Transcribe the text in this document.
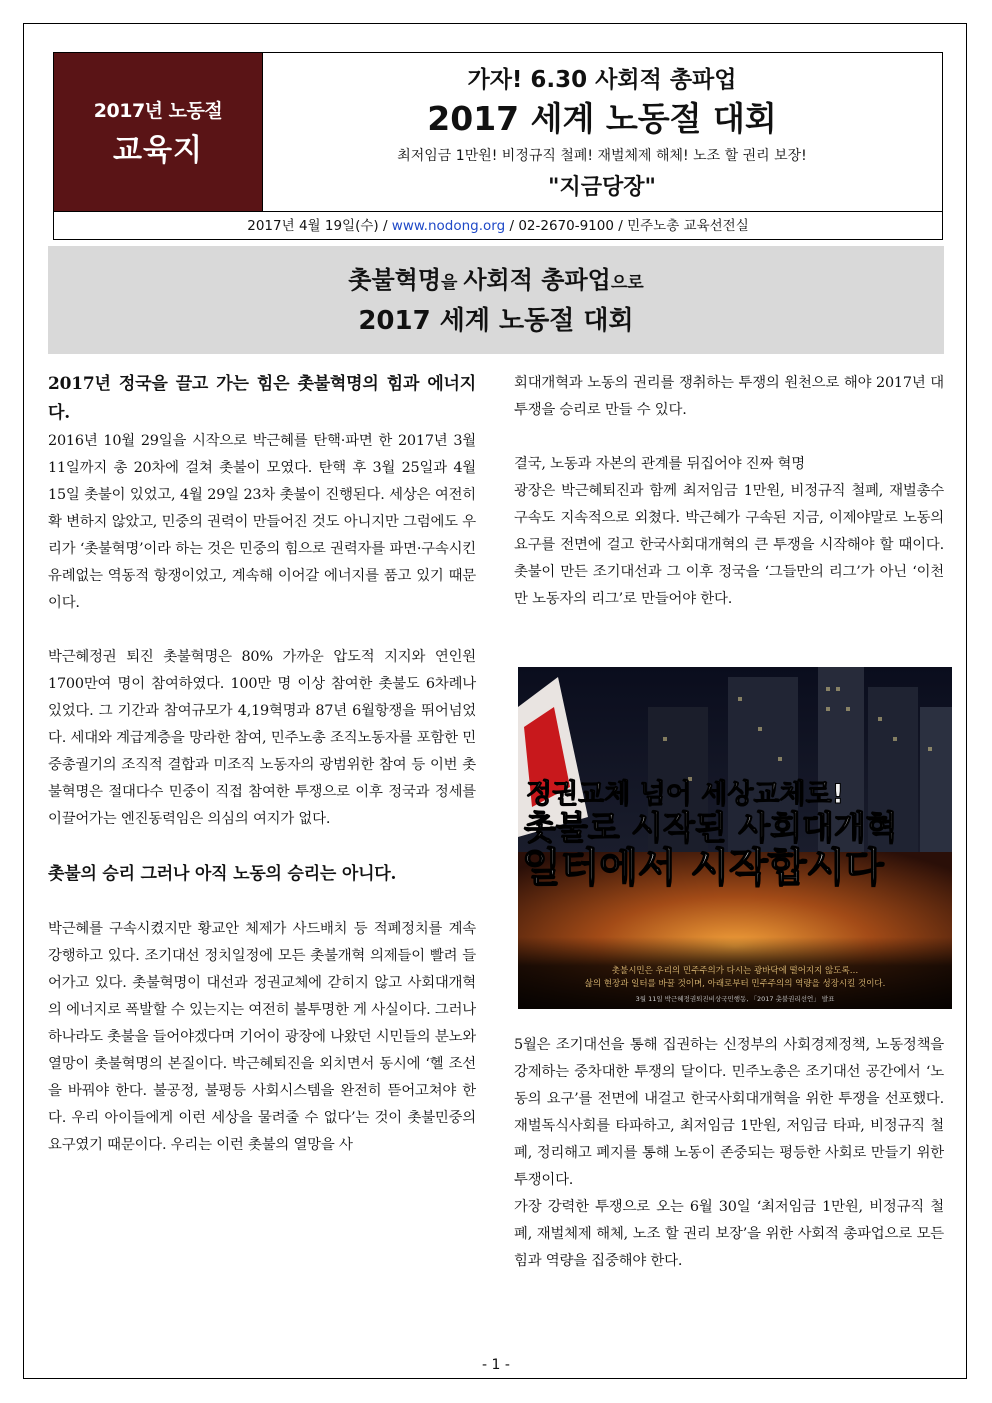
2017년 노동절
교육지
가자! 6.30 사회적 총파업
2017 세계 노동절 대회
최저임금 1만원! 비정규직 철폐! 재벌체제 해체! 노조 할 권리 보장!
"지금당장"
2017년 4월 19일(수) / www.nodong.org / 02-2670-9100 / 민주노총 교육선전실
촛불혁명을 사회적 총파업으로
2017 세계 노동절 대회

2017년 정국을 끌고 가는 힘은 촛불혁명의 힘과 에너지다.

2016년 10월 29일을 시작으로 박근혜를 탄핵·파면 한 2017년 3월 11일까지 총 20차에 걸쳐 촛불이 모였다. 탄핵 후 3월 25일과 4월 15일 촛불이 있었고, 4월 29일 23차 촛불이 진행된다. 세상은 여전히 확 변하지 않았고, 민중의 권력이 만들어진 것도 아니지만 그럼에도 우리가 ‘촛불혁명’이라 하는 것은 민중의 힘으로 권력자를 파면·구속시킨 유례없는 역동적 항쟁이었고, 계속해 이어갈 에너지를 품고 있기 때문이다.

박근혜정권 퇴진 촛불혁명은 80% 가까운 압도적 지지와 연인원 1700만여 명이 참여하였다. 100만 명 이상 참여한 촛불도 6차례나 있었다. 그 기간과 참여규모가 4,19혁명과 87년 6월항쟁을 뛰어넘었다. 세대와 계급계층을 망라한 참여, 민주노총 조직노동자를 포함한 민중총궐기의 조직적 결합과 미조직 노동자의 광범위한 참여 등 이번 촛불혁명은 절대다수 민중이 직접 참여한 투쟁으로 이후 정국과 정세를 이끌어가는 엔진동력임은 의심의 여지가 없다.

촛불의 승리 그러나 아직 노동의 승리는 아니다.

박근혜를 구속시켰지만 황교안 체제가 사드배치 등 적폐정치를 계속 강행하고 있다. 조기대선 정치일정에 모든 촛불개혁 의제들이 빨려 들어가고 있다. 촛불혁명이 대선과 정권교체에 갇히지 않고 사회대개혁의 에너지로 폭발할 수 있는지는 여전히 불투명한 게 사실이다. 그러나 하나라도 촛불을 들어야겠다며 기어이 광장에 나왔던 시민들의 분노와 열망이 촛불혁명의 본질이다. 박근혜퇴진을 외치면서 동시에 ‘헬 조선을 바꿔야 한다. 불공정, 불평등 사회시스템을 완전히 뜯어고쳐야 한다. 우리 아이들에게 이런 세상을 물려줄 수 없다’는 것이 촛불민중의 요구였기 때문이다. 우리는 이런 촛불의 열망을 사

회대개혁과 노동의 권리를 쟁취하는 투쟁의 원천으로 해야 2017년 대투쟁을 승리로 만들 수 있다.

결국, 노동과 자본의 관계를 뒤집어야 진짜 혁명

광장은 박근혜퇴진과 함께 최저임금 1만원, 비정규직 철폐, 재벌총수 구속도 지속적으로 외쳤다. 박근혜가 구속된 지금, 이제야말로 노동의 요구를 전면에 걸고 한국사회대개혁의 큰 투쟁을 시작해야 할 때이다. 촛불이 만든 조기대선과 그 이후 정국을 ‘그들만의 리그’가 아닌 ‘이천만 노동자의 리그’로 만들어야 한다.

정권교체 넘어 세상교체로!
촛불로 시작된 사회대개혁
일터에서 시작합시다
촛불시민은 우리의 민주주의가 다시는 광바닥에 떨어지지 않도록…
삶의 현장과 일터를 바꿀 것이며, 아래로부터 민주주의의 역량을 성장시킬 것이다.
3월 11일 박근혜정권퇴진비상국민행동, 「2017 촛불권리선언」 발표

5월은 조기대선을 통해 집권하는 신정부의 사회경제정책, 노동정책을 강제하는 중차대한 투쟁의 달이다. 민주노총은 조기대선 공간에서 ‘노동의 요구’를 전면에 내걸고 한국사회대개혁을 위한 투쟁을 선포했다. 재벌독식사회를 타파하고, 최저임금 1만원, 저임금 타파, 비정규직 철폐, 정리해고 폐지를 통해 노동이 존중되는 평등한 사회로 만들기 위한 투쟁이다.

가장 강력한 투쟁으로 오는 6월 30일 ‘최저임금 1만원, 비정규직 철폐, 재벌체제 해체, 노조 할 권리 보장’을 위한 사회적 총파업으로 모든 힘과 역량을 집중해야 한다.

- 1 -
